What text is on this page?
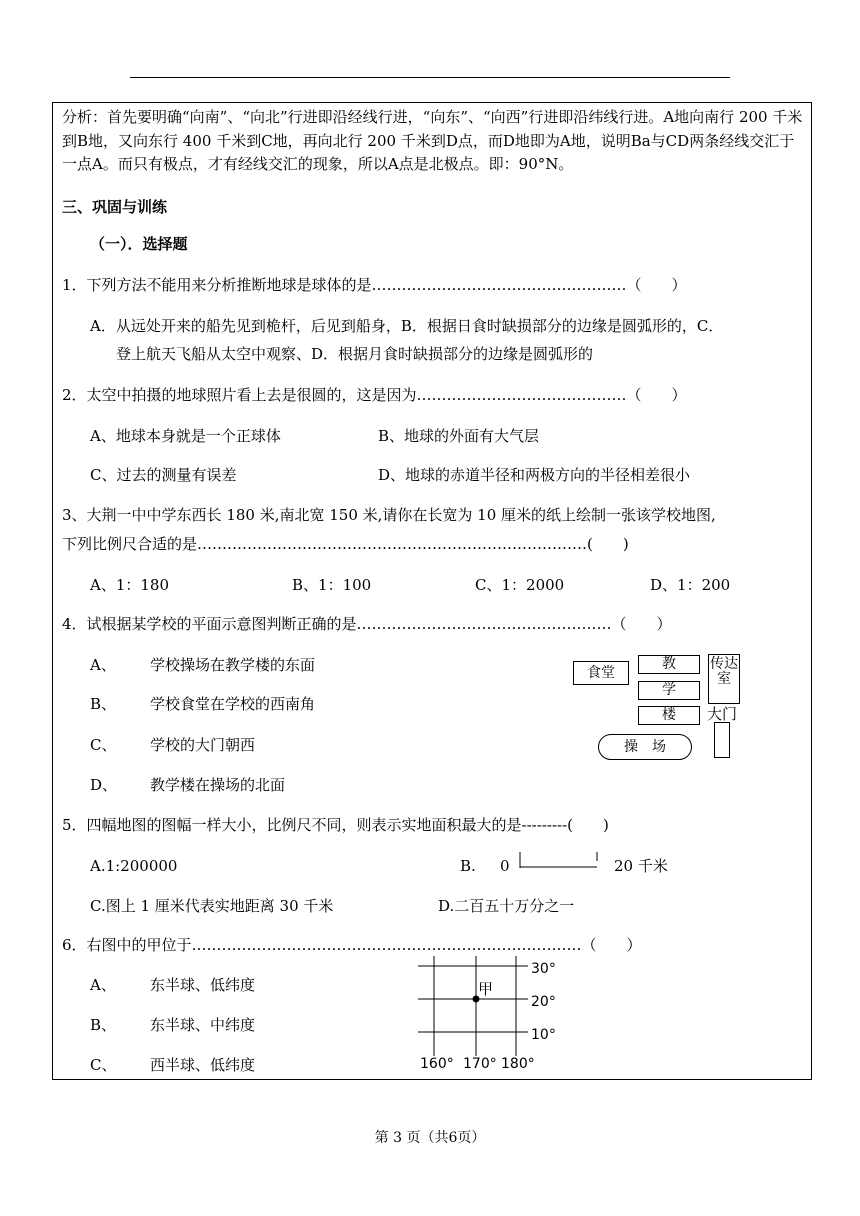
分析：首先要明确“向南”、“向北”行进即沿经线行进，“向东”、“向西”行进即沿纬线行进。A地向南行 200 千米到B地，又向东行 400 千米到C地，再向北行 200 千米到D点，而D地即为A地，说明Ba与CD两条经线交汇于一点A。而只有极点，才有经线交汇的现象，所以A点是北极点。即：90°N。
三、巩固与训练
（一）．选择题
1．下列方法不能用来分析推断地球是球体的是……………………………………………（　　）
A．从远处开来的船先见到桅杆，后见到船身，B．根据日食时缺损部分的边缘是圆弧形的，C．
登上航天飞船从太空中观察、D．根据月食时缺损部分的边缘是圆弧形的
2．太空中拍摄的地球照片看上去是很圆的，这是因为……………………………………（　　）
A、地球本身就是一个正球体	B、地球的外面有大气层
C、过去的测量有误差	D、地球的赤道半径和两极方向的半径相差很小
3、大荆一中中学东西长 180 米,南北宽 150 米,请你在长宽为 10 厘米的纸上绘制一张该学校地图,
下列比例尺合适的是……………………………………………………………………(　　)
A、1：180	B、1：100	C、1：2000	D、1：200
4．试根据某学校的平面示意图判断正确的是……………………………………………（　　）
A、 学校操场在教学楼的东面
B、 学校食堂在学校的西南角
C、 学校的大门朝西
D、 教学楼在操场的北面
食堂
教
学
楼
传达室
大门
操　场
5．四幅地图的图幅一样大小，比例尺不同，则表示实地面积最大的是---------(　　)
A.1:200000	B. 0	20 千米
C.图上 1 厘米代表实地距离 30 千米	D.二百五十万分之一
6．右图中的甲位于……………………………………………………………………（　　）
A、 东半球、低纬度
B、 东半球、中纬度
C、 西半球、低纬度
甲
30°
20°
10°
160° 170° 180°
第 3 页（共6页）
